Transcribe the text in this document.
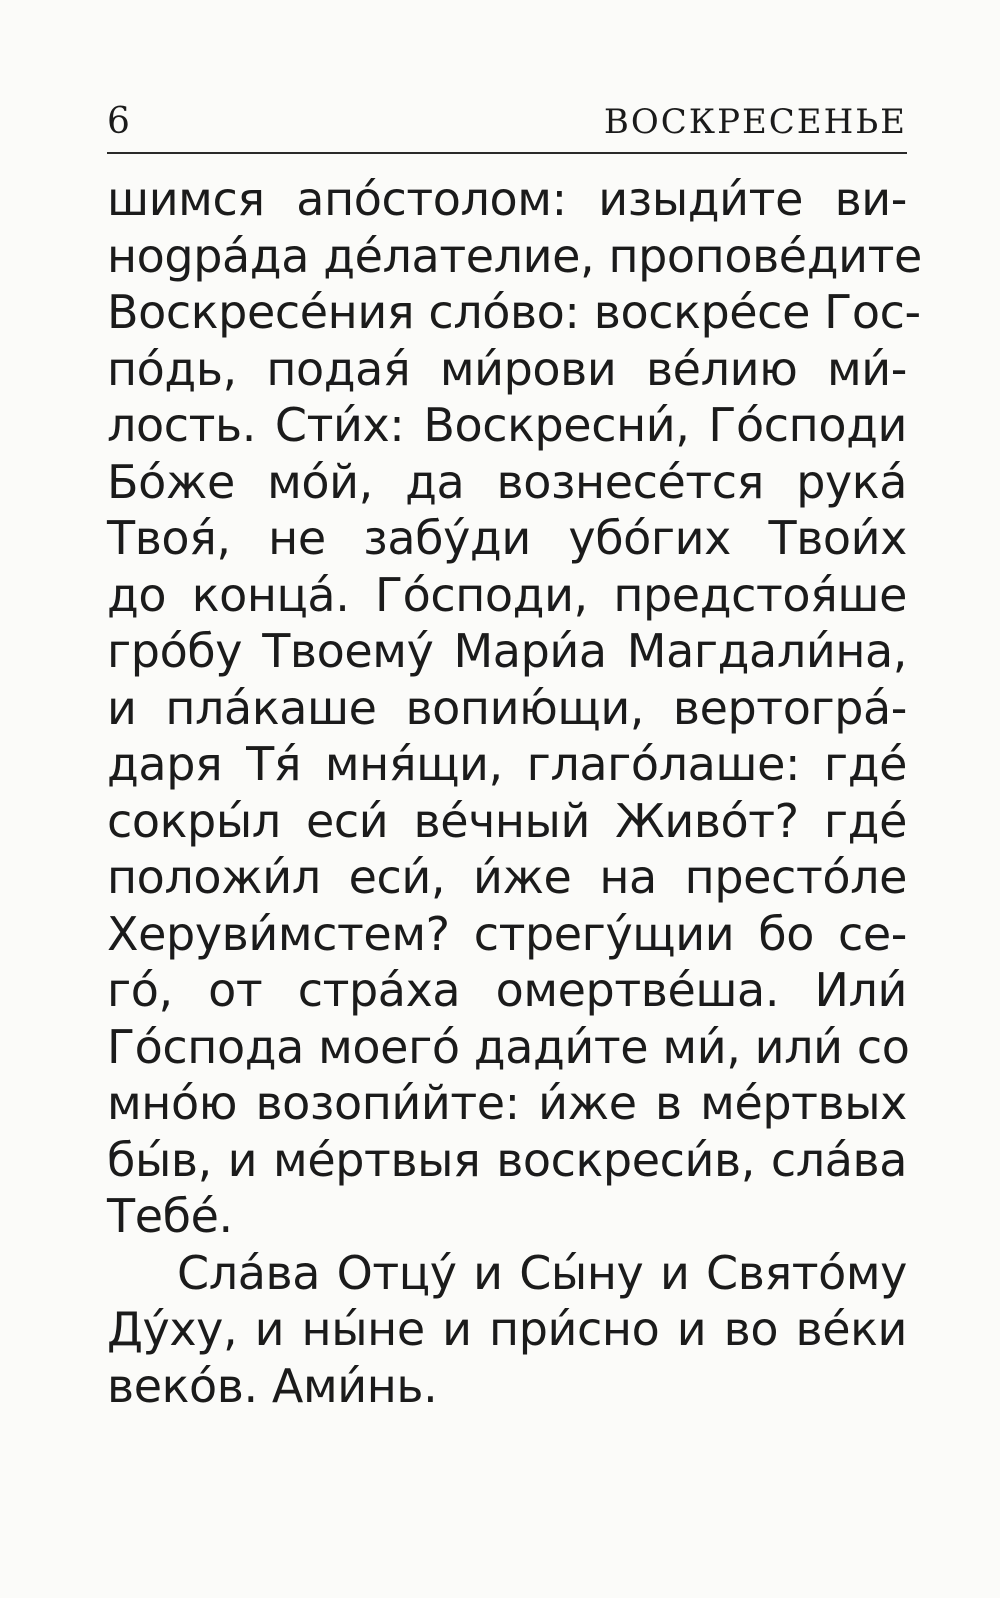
6	ВОСКРЕСЕНЬЕ
шимся апо́столом: изыди́те ви-
нogра́да де́лателие, пропове́дите
Воскресе́ния сло́во: воскре́се Гос-
по́дь, подая́ ми́рови ве́лию ми́-
лость. Сти́х: Воскресни́, Го́споди
Бо́же мо́й, да вознесе́тся рука́
Твоя́, не забу́ди убо́гих Твои́х
до конца́. Го́споди, предстоя́ше
гро́бу Твоему́ Мари́а Магдали́на,
и пла́каше вопию́щи, вертогра́-
даря Тя́ мня́щи, глаго́лаше: где́
сокры́л еси́ ве́чный Живо́т? где́
положи́л еси́, и́же на престо́ле
Херуви́мстем? стрегу́щии бо се-
го́, от стра́ха омертве́ша. Или́
Го́спода моего́ дади́те ми́, или́ со
мно́ю возопи́йте: и́же в ме́ртвых
бы́в, и ме́ртвыя воскреси́в, сла́ва
Тебе́.
Сла́ва Отцу́ и Сы́ну и Свято́му
Ду́ху, и ны́не и при́сно и во ве́ки
веко́в. Ами́нь.
